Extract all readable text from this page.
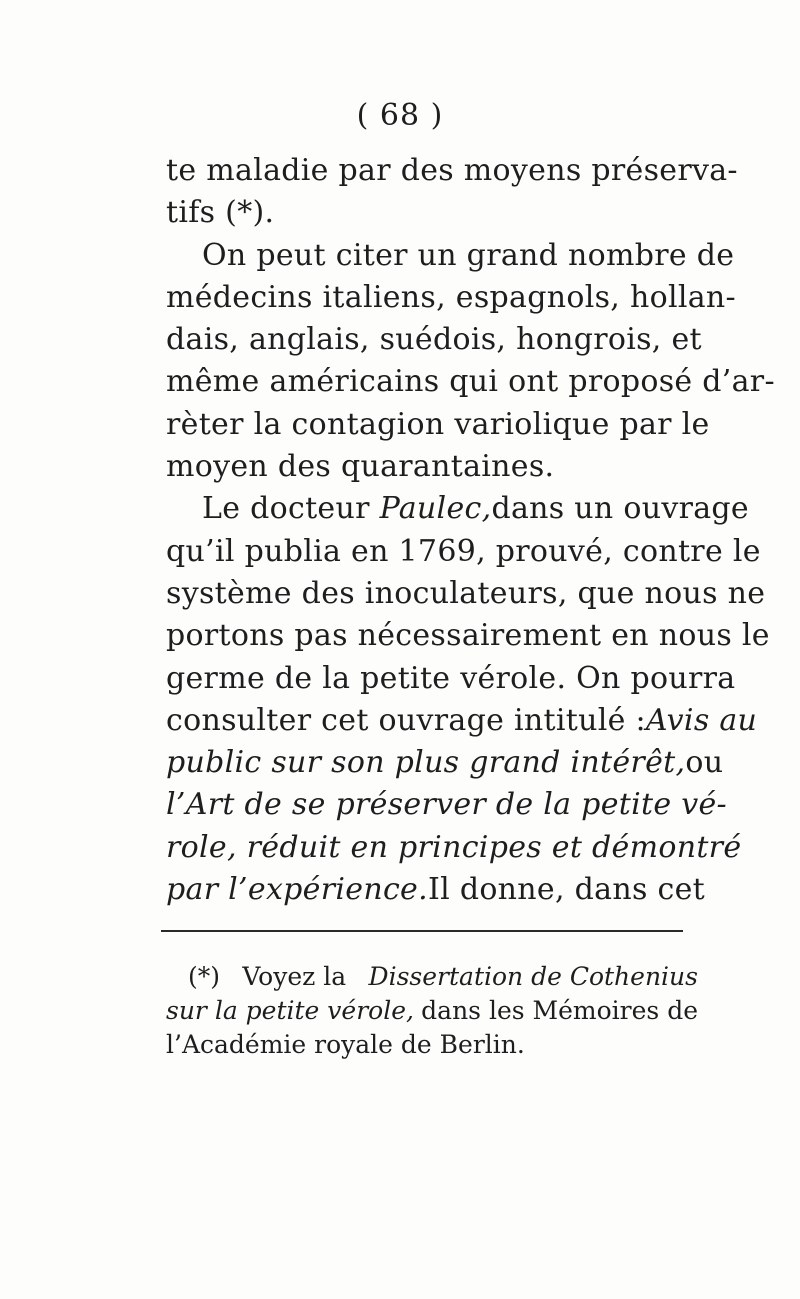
( 68 )
te maladie par des moyens préserva-
tifs (*).
On peut citer un grand nombre de
médecins italiens, espagnols, hollan-
dais, anglais, suédois, hongrois, et
même américains qui ont proposé d’ar-
rèter la contagion variolique par le
moyen des quarantaines.
Le docteur Paulec, dans un ouvrage
qu’il publia en 1769, prouvé, contre le
système des inoculateurs, que nous ne
portons pas nécessairement en nous le
germe de la petite vérole. On pourra
consulter cet ouvrage intitulé : Avis au
public sur son plus grand intérêt, ou
l’Art de se préserver de la petite vé-
role, réduit en principes et démontré
par l’expérience. Il donne, dans cet
(*) Voyez la Dissertation de Cothenius
sur la petite vérole, dans les Mémoires de
l’Académie royale de Berlin.
